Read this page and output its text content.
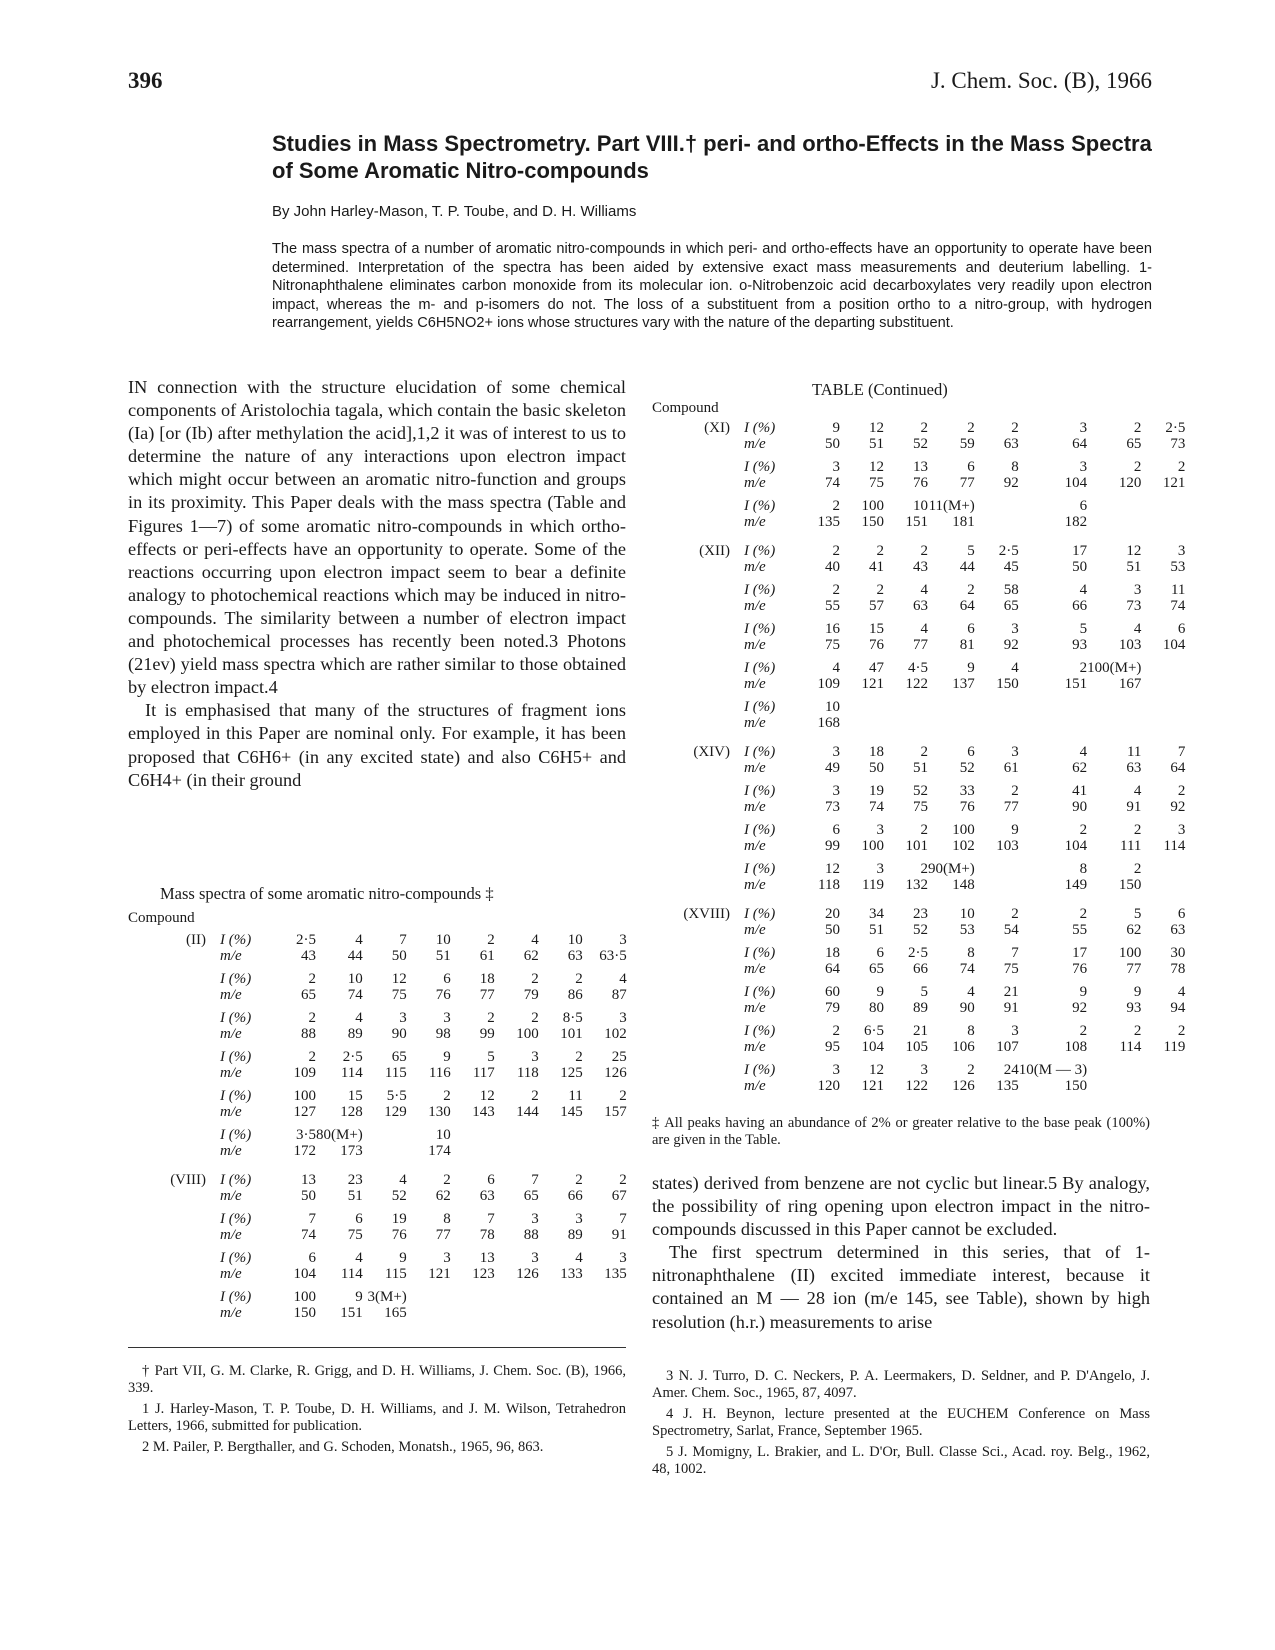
396	J. Chem. Soc. (B), 1966
Studies in Mass Spectrometry. Part VIII.† peri- and ortho-Effects in the Mass Spectra of Some Aromatic Nitro-compounds
By John Harley-Mason, T. P. Toube, and D. H. Williams
The mass spectra of a number of aromatic nitro-compounds in which peri- and ortho-effects have an opportunity to operate have been determined. Interpretation of the spectra has been aided by extensive exact mass measurements and deuterium labelling. 1-Nitronaphthalene eliminates carbon monoxide from its molecular ion. o-Nitrobenzoic acid decarboxylates very readily upon electron impact, whereas the m- and p-isomers do not. The loss of a substituent from a position ortho to a nitro-group, with hydrogen rearrangement, yields C6H5NO2+ ions whose structures vary with the nature of the departing substituent.

IN connection with the structure elucidation of some chemical components of Aristolochia tagala, which contain the basic skeleton (Ia) [or (Ib) after methylation the acid],1,2 it was of interest to us to determine the nature of any interactions upon electron impact which might occur between an aromatic nitro-function and groups in its proximity. This Paper deals with the mass spectra (Table and Figures 1—7) of some aromatic nitro-compounds in which ortho-effects or peri-effects have an opportunity to operate. Some of the reactions occurring upon electron impact seem to bear a definite analogy to photochemical reactions which may be induced in nitro-compounds. The similarity between a number of electron impact and photochemical processes has recently been noted.3 Photons (21ev) yield mass spectra which are rather similar to those obtained by electron impact.4

It is emphasised that many of the structures of fragment ions employed in this Paper are nominal only. For example, it has been proposed that C6H6+ (in any excited state) and also C6H5+ and C6H4+ (in their ground

Mass spectra of some aromatic nitro-compounds ‡
Compound
(II)	I (%)	2·5	4	7	10	2	4	10	3
	m/e	43	44	50	51	61	62	63	63·5

	I (%)	2	10	12	6	18	2	2	4
	m/e	65	74	75	76	77	79	86	87

	I (%)	2	4	3	3	2	2	8·5	3
	m/e	88	89	90	98	99	100	101	102

	I (%)	2	2·5	65	9	5	3	2	25
	m/e	109	114	115	116	117	118	125	126

	I (%)	100	15	5·5	2	12	2	11	2
	m/e	127	128	129	130	143	144	145	157

	I (%)	3·5	80(M+)		10				
	m/e	172	173		174				

(VIII)	I (%)	13	23	4	2	6	7	2	2
	m/e	50	51	52	62	63	65	66	67

	I (%)	7	6	19	8	7	3	3	7
	m/e	74	75	76	77	78	88	89	91

	I (%)	6	4	9	3	13	3	4	3
	m/e	104	114	115	121	123	126	133	135

	I (%)	100	9	3(M+)					
	m/e	150	151	165					

† Part VII, G. M. Clarke, R. Grigg, and D. H. Williams, J. Chem. Soc. (B), 1966, 339.

1 J. Harley-Mason, T. P. Toube, D. H. Williams, and J. M. Wilson, Tetrahedron Letters, 1966, submitted for publication.

2 M. Pailer, P. Bergthaller, and G. Schoden, Monatsh., 1965, 96, 863.

TABLE (Continued)
Compound
(XI)	I (%)	9	12	2	2	2	3	2	2·5
	m/e	50	51	52	59	63	64	65	73

	I (%)	3	12	13	6	8	3	2	2
	m/e	74	75	76	77	92	104	120	121

	I (%)	2	100	10	11(M+)		6		
	m/e	135	150	151	181		182		

(XII)	I (%)	2	2	2	5	2·5	17	12	3
	m/e	40	41	43	44	45	50	51	53

	I (%)	2	2	4	2	58	4	3	11
	m/e	55	57	63	64	65	66	73	74

	I (%)	16	15	4	6	3	5	4	6
	m/e	75	76	77	81	92	93	103	104

	I (%)	4	47	4·5	9	4	2	100(M+)	
	m/e	109	121	122	137	150	151	167	

	I (%)	10							
	m/e	168							

(XIV)	I (%)	3	18	2	6	3	4	11	7
	m/e	49	50	51	52	61	62	63	64

	I (%)	3	19	52	33	2	41	4	2
	m/e	73	74	75	76	77	90	91	92

	I (%)	6	3	2	100	9	2	2	3
	m/e	99	100	101	102	103	104	111	114

	I (%)	12	3	2	90(M+)		8	2	
	m/e	118	119	132	148		149	150	

(XVIII)	I (%)	20	34	23	10	2	2	5	6
	m/e	50	51	52	53	54	55	62	63

	I (%)	18	6	2·5	8	7	17	100	30
	m/e	64	65	66	74	75	76	77	78

	I (%)	60	9	5	4	21	9	9	4
	m/e	79	80	89	90	91	92	93	94

	I (%)	2	6·5	21	8	3	2	2	2
	m/e	95	104	105	106	107	108	114	119

	I (%)	3	12	3	2	24	10(M — 3)		
	m/e	120	121	122	126	135	150		
‡ All peaks having an abundance of 2% or greater relative to the base peak (100%) are given in the Table.

states) derived from benzene are not cyclic but linear.5 By analogy, the possibility of ring opening upon electron impact in the nitro-compounds discussed in this Paper cannot be excluded.

The first spectrum determined in this series, that of 1-nitronaphthalene (II) excited immediate interest, because it contained an M — 28 ion (m/e 145, see Table), shown by high resolution (h.r.) measurements to arise

3 N. J. Turro, D. C. Neckers, P. A. Leermakers, D. Seldner, and P. D'Angelo, J. Amer. Chem. Soc., 1965, 87, 4097.

4 J. H. Beynon, lecture presented at the EUCHEM Conference on Mass Spectrometry, Sarlat, France, September 1965.

5 J. Momigny, L. Brakier, and L. D'Or, Bull. Classe Sci., Acad. roy. Belg., 1962, 48, 1002.
